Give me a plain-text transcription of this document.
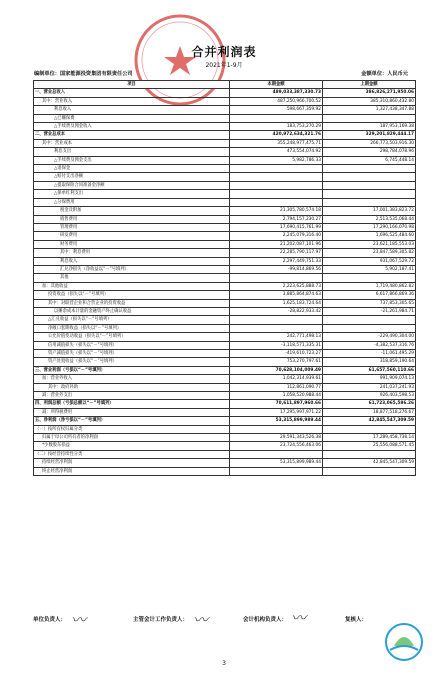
合并利润表
2021年1-9月
编制单位：国家能源投资集团有限责任公司	金额单位：人民币元
项目	本期金额	上期金额
一、营业总收入	489,033,387,330.73	386,826,271,950.06
其中：营业收入	487,250,966,700.52	385,310,860,432.80
利息收入	598,667,359.92	1,327,438,347.88
△已赚保费		
△手续费及佣金收入	183,753,270.29	187,953,169.38
二、营业总成本	420,972,634,321.76	329,201,829,444.17
其中：营业成本	355,248,977,475.71	266,773,503,916.30
利息支出	473,554,074.92	298,784,078.96
△手续费及佣金支出	5,982,786.33	6,745,448.14
△退保金		
△赔付支出净额		
△提取保险合同准备金净额		
△保单红利支出		
△分保费用		
税金及附加	21,305,780,574.18	17,001,383,823.72
销售费用	2,794,157,230.27	2,513,535,068.44
管理费用	17,690,415,761.99	17,290,166,070.98
研发费用	2,245,079,316.40	1,696,525,484.60
财务费用	21,202,087,101.96	23,621,185,553.03
其中：利息费用	22,285,790,117.97	23,847,589,305.82
利息收入	2,297,449,751.33	931,067,529.72
汇兑净损失（净收益以“－”号填列）	-99,814,869.56	5,902,187.41
其他		
加：其他收益	2,223,625,888.73	1,719,480,862.82
投资收益（损失以“－”号填列）	3,885,864,874.63	6,617,866,869.36
其中：对联营企业和合营企业的投资收益	1,625,183,724.64	737,853,305.65
以摊余成本计量的金融资产终止确认收益	-28,822,933.42	-21,261,984.71
△汇兑收益（损失以“－”号填列）		
净敞口套期收益（损失以“－”号填列）		
公允价值变动收益（损失以“－”号填列）	242,771,498.13	-229,490,304.00
信用减值损失（损失以“－”号填列）	-3,118,571,335.31	-4,382,537,316.76
资产减值损失（损失以“－”号填列）	-419,610,723.27	-11,061,495.29
资产处置收益（损失以“－”号填列）	753,270,797.61	318,859,190.64
三、营业利润（亏损以“－”号填列）	70,628,104,009.49	61,657,560,110.66
加：营业外收入	1,042,314,939.61	991,909,074.13
其中：政府补助	112,861,090.77	241,037,241.93
减：营业外支出	1,058,520,988.44	926,403,598.53
四、利润总额（亏损总额以“－”号填列）	70,611,897,960.66	61,723,065,586.26
减：所得税费用	17,295,997,971.22	18,877,518,276.67
五、净利润（净亏损以“－”号填列）	53,315,899,989.44	42,845,547,309.59
（一）按所有权归属分类		
归属于母公司所有者的净利润	29,591,343,526.38	17,289,458,738.14
*少数股东损益	23,724,556,463.06	25,556,088,571.45
（二）按经营持续性分类		
持续经营净利润	53,315,899,989.44	42,845,547,309.59
终止经营净利润		
单位负责人： 〰	主管会计工作负责人： 〰	会计机构负责人： 〰	复核人：
3
